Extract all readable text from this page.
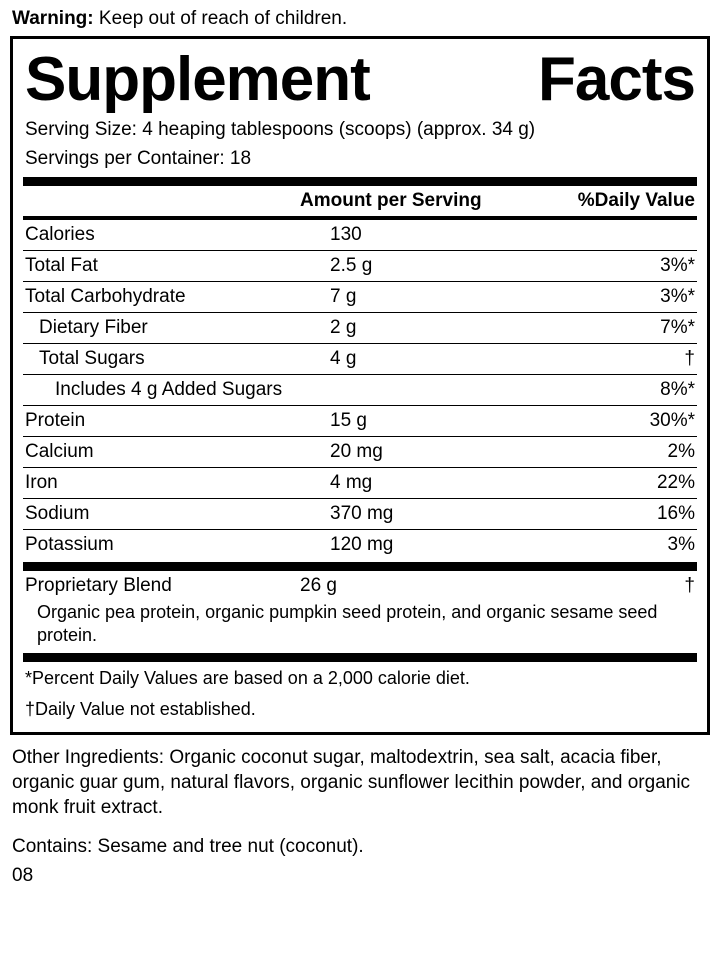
Warning: Keep out of reach of children.
Supplement	Facts
Serving Size: 4 heaping tablespoons (scoops) (approx. 34 g)
Servings per Container: 18
	Amount per Serving	%Daily Value
Calories	130	
Total Fat	2.5 g	3%*
Total Carbohydrate	7 g	3%*
Dietary Fiber	2 g	7%*
Total Sugars	4 g	†
Includes 4 g Added Sugars		8%*
Protein	15 g	30%*
Calcium	20 mg	2%
Iron	4 mg	22%
Sodium	370 mg	16%
Potassium	120 mg	3%
Proprietary Blend	26 g	†
Organic pea protein, organic pumpkin seed protein, and organic sesame seed protein.
*Percent Daily Values are based on a 2,000 calorie diet.
†Daily Value not established.

Other Ingredients: Organic coconut sugar, maltodextrin, sea salt, acacia fiber, organic guar gum, natural flavors, organic sunflower lecithin powder, and organic monk fruit extract.

Contains: Sesame and tree nut (coconut).

08
